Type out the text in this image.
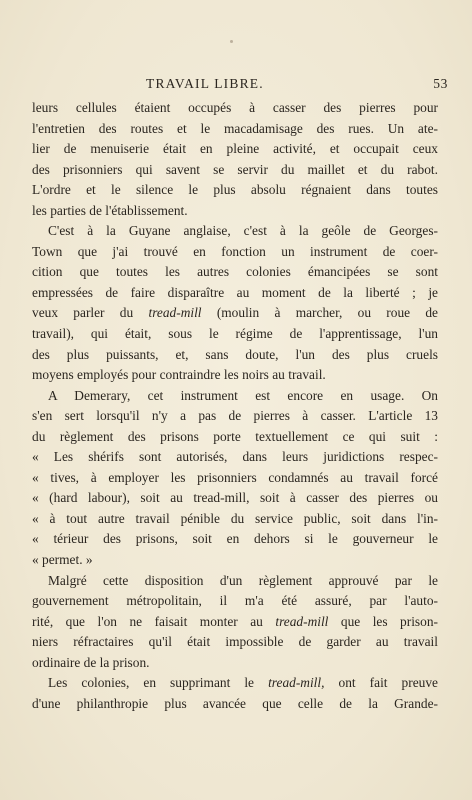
TRAVAIL LIBRE.	53
leurs cellules étaient occupés à casser des pierres pour
l'entretien des routes et le macadamisage des rues. Un ate-
lier de menuiserie était en pleine activité, et occupait ceux
des prisonniers qui savent se servir du maillet et du rabot.
L'ordre et le silence le plus absolu régnaient dans toutes
les parties de l'établissement.
C'est à la Guyane anglaise, c'est à la geôle de Georges-
Town que j'ai trouvé en fonction un instrument de coer-
cition que toutes les autres colonies émancipées se sont
empressées de faire disparaître au moment de la liberté ; je
veux parler du tread-mill (moulin à marcher, ou roue de
travail), qui était, sous le régime de l'apprentissage, l'un
des plus puissants, et, sans doute, l'un des plus cruels
moyens employés pour contraindre les noirs au travail.
A Demerary, cet instrument est encore en usage. On
s'en sert lorsqu'il n'y a pas de pierres à casser. L'article 13
du règlement des prisons porte textuellement ce qui suit :
« Les shérifs sont autorisés, dans leurs juridictions respec-
« tives, à employer les prisonniers condamnés au travail forcé
« (hard labour), soit au tread-mill, soit à casser des pierres ou
« à tout autre travail pénible du service public, soit dans l'in-
« térieur des prisons, soit en dehors si le gouverneur le
« permet. »
Malgré cette disposition d'un règlement approuvé par le
gouvernement métropolitain, il m'a été assuré, par l'auto-
rité, que l'on ne faisait monter au tread-mill que les prison-
niers réfractaires qu'il était impossible de garder au travail
ordinaire de la prison.
Les colonies, en supprimant le tread-mill, ont fait preuve
d'une philanthropie plus avancée que celle de la Grande-
